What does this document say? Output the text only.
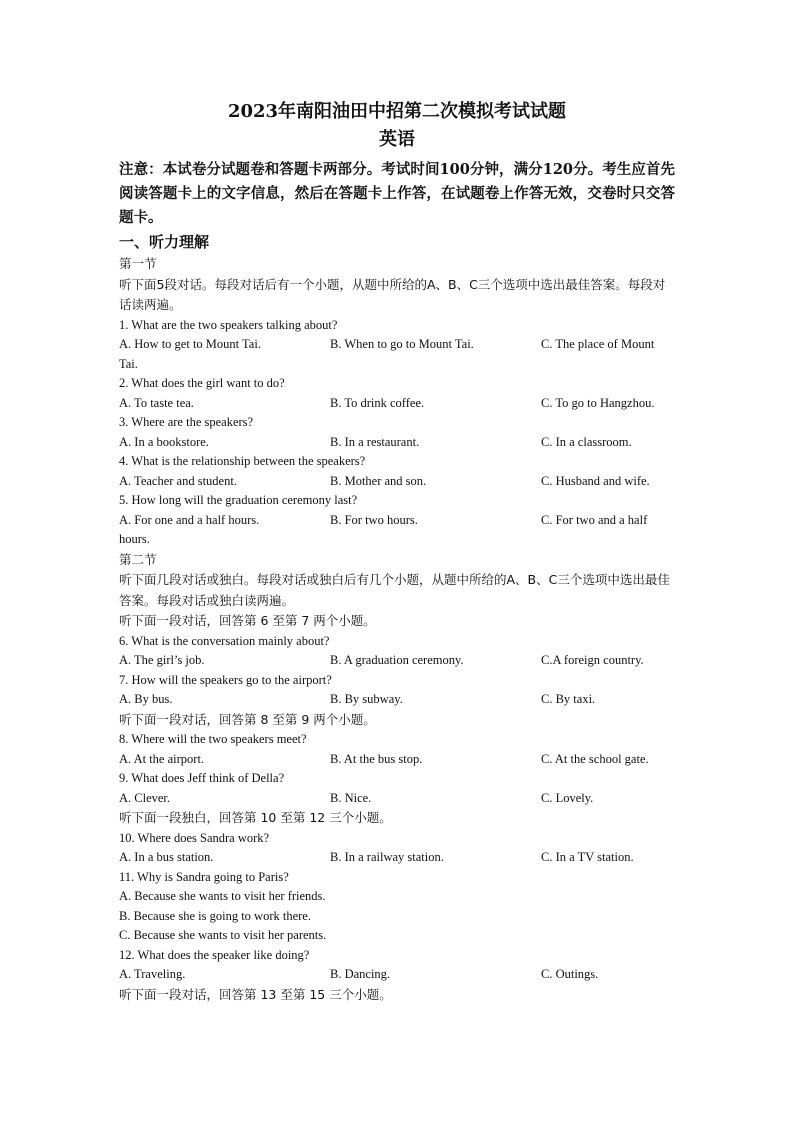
2023年南阳油田中招第二次模拟考试试题
英语
注意：本试卷分试题卷和答题卡两部分。考试时间100分钟，满分120分。考生应首先阅读答题卡上的文字信息，然后在答题卡上作答，在试题卷上作答无效，交卷时只交答题卡。
一、听力理解
第一节
听下面5段对话。每段对话后有一个小题，从题中所给的A、B、C三个选项中选出最佳答案。每段对话读两遍。
1. What are the two speakers talking about?
A. How to get to Mount Tai.	B. When to go to Mount Tai.	C. The place of Mount
Tai.
2. What does the girl want to do?
A. To taste tea.	B. To drink coffee.	C. To go to Hangzhou.
3. Where are the speakers?
A. In a bookstore.	B. In a restaurant.	C. In a classroom.
4. What is the relationship between the speakers?
A. Teacher and student.	B. Mother and son.	C. Husband and wife.
5. How long will the graduation ceremony last?
A. For one and a half hours.	B. For two hours.	C. For two and a half
hours.
第二节
听下面几段对话或独白。每段对话或独白后有几个小题，从题中所给的A、B、C三个选项中选出最佳答案。每段对话或独白读两遍。
听下面一段对话，回答第 6 至第 7 两个小题。
6. What is the conversation mainly about?
A. The girl’s job.	B. A graduation ceremony.	C.A foreign country.
7. How will the speakers go to the airport?
A. By bus.	B. By subway.	C. By taxi.
听下面一段对话，回答第 8 至第 9 两个小题。
8. Where will the two speakers meet?
A. At the airport.	B. At the bus stop.	C. At the school gate.
9. What does Jeff think of Della?
A. Clever.	B. Nice.	C. Lovely.
听下面一段独白，回答第 10 至第 12 三个小题。
10. Where does Sandra work?
A. In a bus station.	B. In a railway station.	C. In a TV station.
11. Why is Sandra going to Paris?
A. Because she wants to visit her friends.
B. Because she is going to work there.
C. Because she wants to visit her parents.
12. What does the speaker like doing?
A. Traveling.	B. Dancing.	C. Outings.
听下面一段对话，回答第 13 至第 15 三个小题。
